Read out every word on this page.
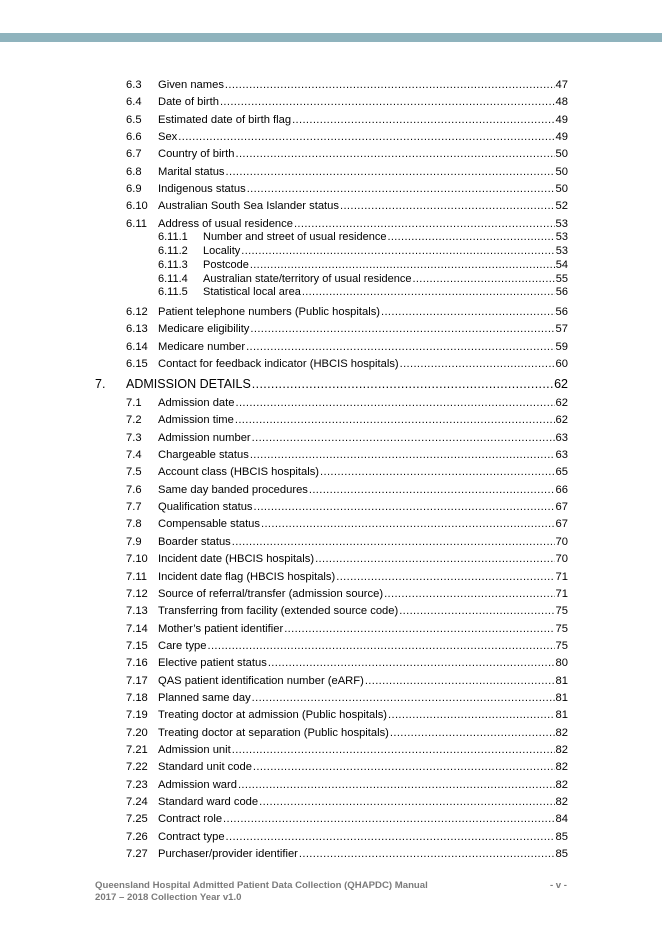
6.3	Given names .....	47
6.4	Date of birth .....	48
6.5	Estimated date of birth flag .....	49
6.6	Sex .....	49
6.7	Country of birth .....	50
6.8	Marital status .....	50
6.9	Indigenous status .....	50
6.10 Australian South Sea Islander status .....	52
6.11 Address of usual residence .....	53
6.11.1	Number and street of usual residence .....	53
6.11.2	Locality .....	53
6.11.3	Postcode .....	54
6.11.4	Australian state/territory of usual residence .....	55
6.11.5	Statistical local area .....	56
6.12 Patient telephone numbers (Public hospitals) .....	56
6.13 Medicare eligibility .....	57
6.14 Medicare number .....	59
6.15 Contact for feedback indicator (HBCIS hospitals) .....	60
7.	ADMISSION DETAILS .....	62
7.1	Admission date .....	62
7.2	Admission time .....	62
7.3	Admission number .....	63
7.4	Chargeable status .....	63
7.5	Account class (HBCIS hospitals) .....	65
7.6	Same day banded procedures .....	66
7.7	Qualification status .....	67
7.8	Compensable status .....	67
7.9	Boarder status .....	70
7.10 Incident date (HBCIS hospitals) .....	70
7.11 Incident date flag (HBCIS hospitals) .....	71
7.12 Source of referral/transfer (admission source) .....	71
7.13 Transferring from facility (extended source code) .....	75
7.14 Mother’s patient identifier .....	75
7.15 Care type .....	75
7.16 Elective patient status .....	80
7.17 QAS patient identification number (eARF) .....	81
7.18 Planned same day .....	81
7.19 Treating doctor at admission (Public hospitals) .....	81
7.20 Treating doctor at separation (Public hospitals) .....	82
7.21 Admission unit .....	82
7.22 Standard unit code .....	82
7.23 Admission ward .....	82
7.24 Standard ward code .....	82
7.25 Contract role .....	84
7.26 Contract type .....	85
7.27 Purchaser/provider identifier .....	85
Queensland Hospital Admitted Patient Data Collection (QHAPDC) Manual
2017 – 2018 Collection Year v1.0
- v -
